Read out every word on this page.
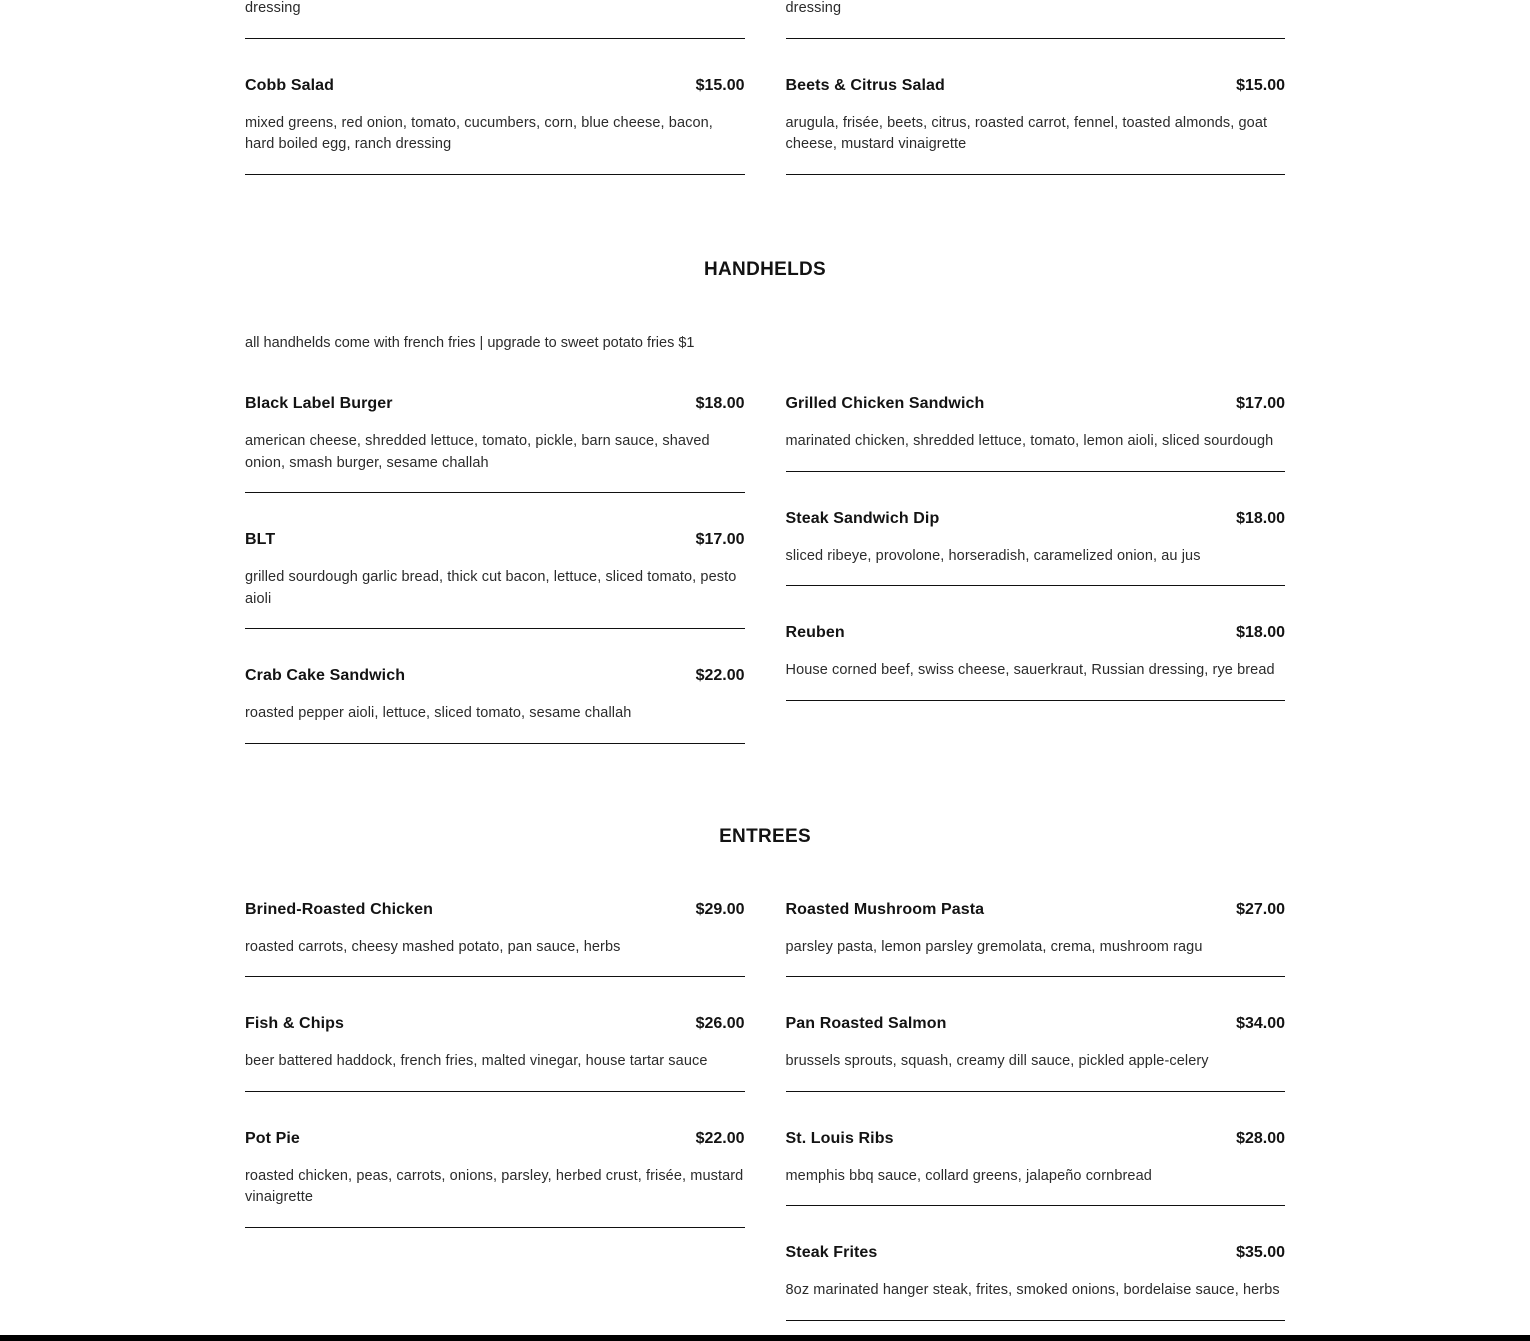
dressing
Cobb Salad	$15.00
mixed greens, red onion, tomato, cucumbers, corn, blue cheese, bacon, hard boiled egg, ranch dressing
dressing
Beets & Citrus Salad	$15.00
arugula, frisée, beets, citrus, roasted carrot, fennel, toasted almonds, goat cheese, mustard vinaigrette
HANDHELDS
all handhelds come with french fries | upgrade to sweet potato fries $1
Black Label Burger	$18.00
american cheese, shredded lettuce, tomato, pickle, barn sauce, shaved onion, smash burger, sesame challah
BLT	$17.00
grilled sourdough garlic bread, thick cut bacon, lettuce, sliced tomato, pesto aioli
Crab Cake Sandwich	$22.00
roasted pepper aioli, lettuce, sliced tomato, sesame challah
Grilled Chicken Sandwich	$17.00
marinated chicken, shredded lettuce, tomato, lemon aioli, sliced sourdough
Steak Sandwich Dip	$18.00
sliced ribeye, provolone, horseradish, caramelized onion, au jus
Reuben	$18.00
House corned beef, swiss cheese, sauerkraut, Russian dressing, rye bread
ENTREES
Brined-Roasted Chicken	$29.00
roasted carrots, cheesy mashed potato, pan sauce, herbs
Fish & Chips	$26.00
beer battered haddock, french fries, malted vinegar, house tartar sauce
Pot Pie	$22.00
roasted chicken, peas, carrots, onions, parsley, herbed crust, frisée, mustard vinaigrette
Roasted Mushroom Pasta	$27.00
parsley pasta, lemon parsley gremolata, crema, mushroom ragu
Pan Roasted Salmon	$34.00
brussels sprouts, squash, creamy dill sauce, pickled apple-celery
St. Louis Ribs	$28.00
memphis bbq sauce, collard greens, jalapeño cornbread
Steak Frites	$35.00
8oz marinated hanger steak, frites, smoked onions, bordelaise sauce, herbs
